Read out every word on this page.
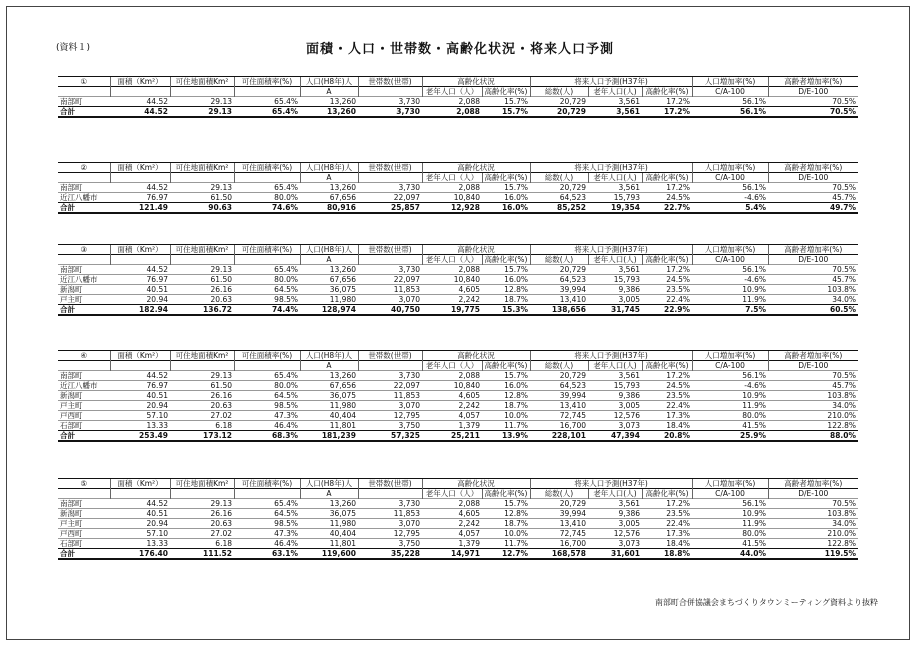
(資料１)	面積・人口・世帯数・高齢化状況・将来人口予測
①	面積（Km²）	可住地面積Km²	可住面積率(%)	人口(H8年)人	世帯数(世帯)	高齢化状況		将来人口予測(H37年)			人口増加率(%)	高齢者増加率(%)
				A		老年人口（人）	高齢化率(%)	総数(人)	老年人口(人)	高齢化率(%)	C/A-100	D/E-100
南部町	44.52	29.13	65.4%	13,260	3,730	2,088	15.7%	20,729	3,561	17.2%	56.1%	70.5%
合計	44.52	29.13	65.4%	13,260	3,730	2,088	15.7%	20,729	3,561	17.2%	56.1%	70.5%
②	面積（Km²）	可住地面積Km²	可住面積率(%)	人口(H8年)人	世帯数(世帯)	高齢化状況		将来人口予測(H37年)			人口増加率(%)	高齢者増加率(%)
				A		老年人口（人）	高齢化率(%)	総数(人)	老年人口(人)	高齢化率(%)	C/A-100	D/E-100
南部町	44.52	29.13	65.4%	13,260	3,730	2,088	15.7%	20,729	3,561	17.2%	56.1%	70.5%
近江八幡市	76.97	61.50	80.0%	67,656	22,097	10,840	16.0%	64,523	15,793	24.5%	-4.6%	45.7%
合計	121.49	90.63	74.6%	80,916	25,857	12,928	16.0%	85,252	19,354	22.7%	5.4%	49.7%
③	面積（Km²）	可住地面積Km²	可住面積率(%)	人口(H8年)人	世帯数(世帯)	高齢化状況		将来人口予測(H37年)			人口増加率(%)	高齢者増加率(%)
				A		老年人口（人）	高齢化率(%)	総数(人)	老年人口(人)	高齢化率(%)	C/A-100	D/E-100
南部町	44.52	29.13	65.4%	13,260	3,730	2,088	15.7%	20,729	3,561	17.2%	56.1%	70.5%
近江八幡市	76.97	61.50	80.0%	67,656	22,097	10,840	16.0%	64,523	15,793	24.5%	-4.6%	45.7%
新潟町	40.51	26.16	64.5%	36,075	11,853	4,605	12.8%	39,994	9,386	23.5%	10.9%	103.8%
戸主町	20.94	20.63	98.5%	11,980	3,070	2,242	18.7%	13,410	3,005	22.4%	11.9%	34.0%
合計	182.94	136.72	74.4%	128,974	40,750	19,775	15.3%	138,656	31,745	22.9%	7.5%	60.5%
④	面積（Km²）	可住地面積Km²	可住面積率(%)	人口(H8年)人	世帯数(世帯)	高齢化状況		将来人口予測(H37年)			人口増加率(%)	高齢者増加率(%)
				A		老年人口（人）	高齢化率(%)	総数(人)	老年人口(人)	高齢化率(%)	C/A-100	D/E-100
南部町	44.52	29.13	65.4%	13,260	3,730	2,088	15.7%	20,729	3,561	17.2%	56.1%	70.5%
近江八幡市	76.97	61.50	80.0%	67,656	22,097	10,840	16.0%	64,523	15,793	24.5%	-4.6%	45.7%
新潟町	40.51	26.16	64.5%	36,075	11,853	4,605	12.8%	39,994	9,386	23.5%	10.9%	103.8%
戸主町	20.94	20.63	98.5%	11,980	3,070	2,242	18.7%	13,410	3,005	22.4%	11.9%	34.0%
戸西町	57.10	27.02	47.3%	40,404	12,795	4,057	10.0%	72,745	12,576	17.3%	80.0%	210.0%
石部町	13.33	6.18	46.4%	11,801	3,750	1,379	11.7%	16,700	3,073	18.4%	41.5%	122.8%
合計	253.49	173.12	68.3%	181,239	57,325	25,211	13.9%	228,101	47,394	20.8%	25.9%	88.0%
⑤	面積（Km²）	可住地面積Km²	可住面積率(%)	人口(H8年)人	世帯数(世帯)	高齢化状況		将来人口予測(H37年)			人口増加率(%)	高齢者増加率(%)
				A		老年人口（人）	高齢化率(%)	総数(人)	老年人口(人)	高齢化率(%)	C/A-100	D/E-100
南部町	44.52	29.13	65.4%	13,260	3,730	2,088	15.7%	20,729	3,561	17.2%	56.1%	70.5%
新潟町	40.51	26.16	64.5%	36,075	11,853	4,605	12.8%	39,994	9,386	23.5%	10.9%	103.8%
戸主町	20.94	20.63	98.5%	11,980	3,070	2,242	18.7%	13,410	3,005	22.4%	11.9%	34.0%
戸西町	57.10	27.02	47.3%	40,404	12,795	4,057	10.0%	72,745	12,576	17.3%	80.0%	210.0%
石部町	13.33	6.18	46.4%	11,801	3,750	1,379	11.7%	16,700	3,073	18.4%	41.5%	122.8%
合計	176.40	111.52	63.1%	119,600	35,228	14,971	12.7%	168,578	31,601	18.8%	44.0%	119.5%
南部町合併協議会まちづくりタウンミーティング資料より抜粋
